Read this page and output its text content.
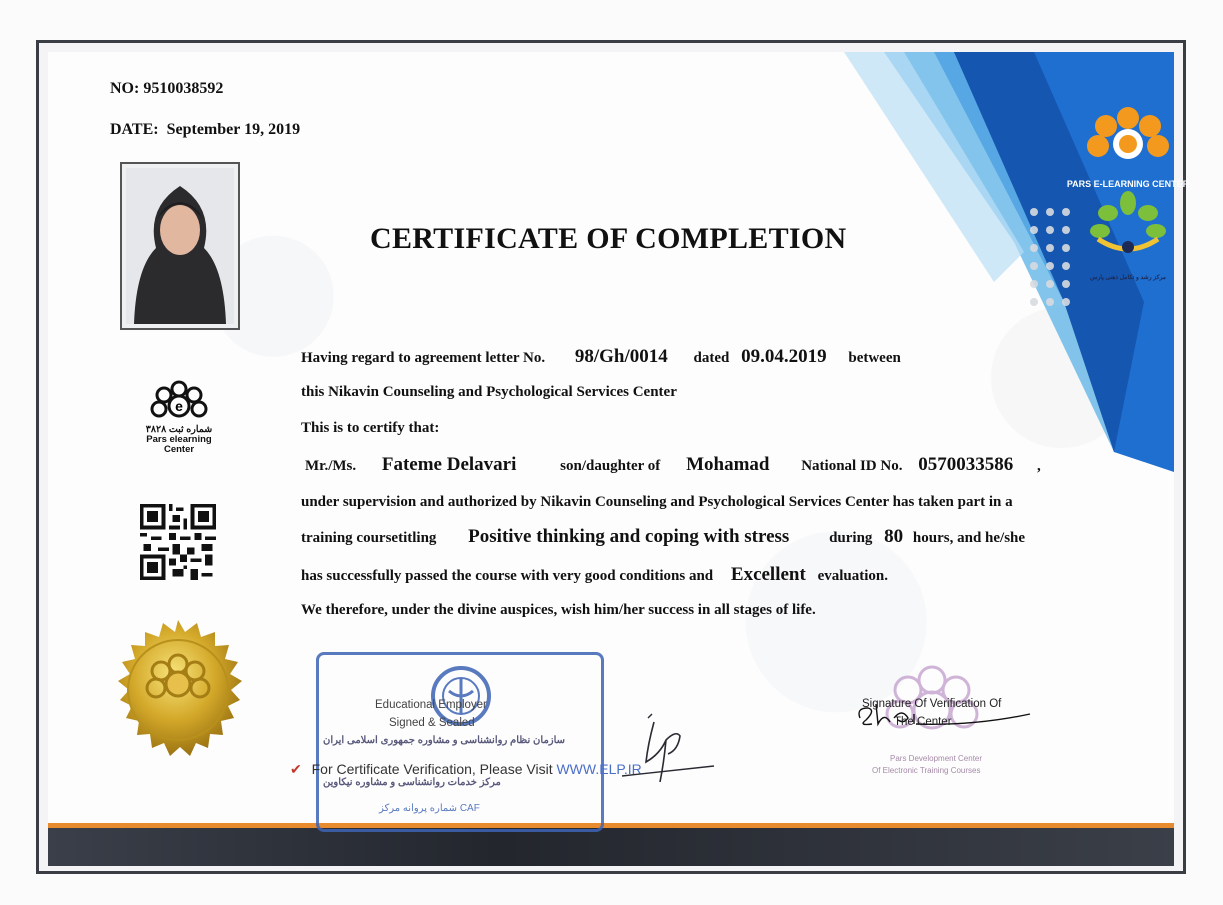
PARS E-LEARNING CENTER
مرکز رشد و تکامل ذهنی پارس
NO: 9510038592
DATE: September 19, 2019
CERTIFICATE OF COMPLETION
Having regard to agreement letter No. 98/Gh/0014 dated 09.04.2019 between
this Nikavin Counseling and Psychological Services Center
This is to certify that:
Mr./Ms. Fateme Delavari	son/daughter of Mohamad National ID No. 0570033586 ,
under supervision and authorized by Nikavin Counseling and Psychological Services Center has taken part in a
training coursetitling Positive thinking and coping with stress	during 80 hours, and he/she
has successfully passed the course with very good conditions and Excellent evaluation.
We therefore, under the divine auspices, wish him/her success in all stages of life.
e
شماره ثبت ۳۸۲۸
Pars elearning
Center
Educational Employer
Signed & Sealed
سازمان نظام روانشناسی و مشاوره جمهوری اسلامی ایران
مرکز خدمات روانشناسی و مشاوره نیکاوین
شماره پروانه مرکز CAF
✔ For Certificate Verification, Please Visit WWW.ELP.IR
Signature Of Verification Of
The Center
Pars Development Center
Of Electronic Training Courses
